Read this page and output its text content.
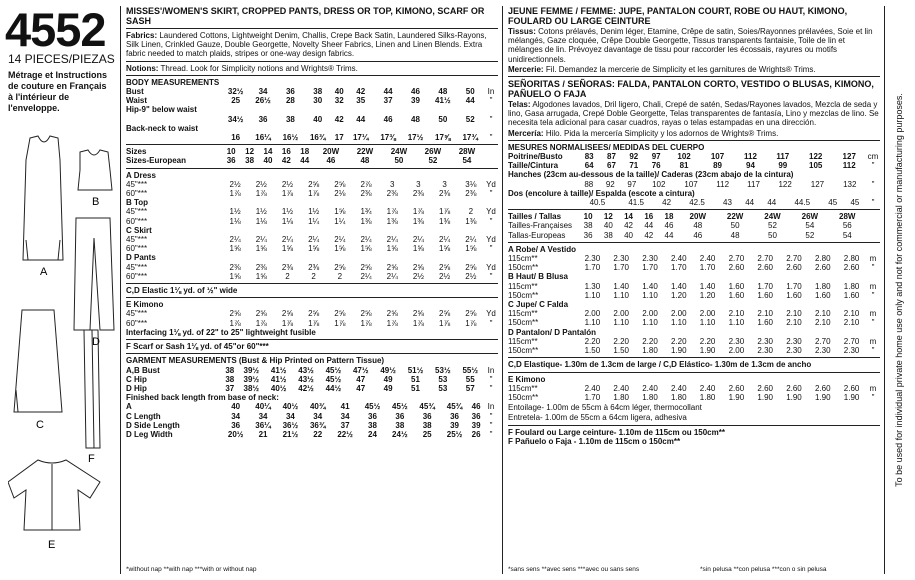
4552
14 PIECES/PIEZAS
Métrage et Instructions de couture en Français à l'intérieur de l'enveloppe.
A
B
D
C
F
E
MISSES'/WOMEN'S SKIRT, CROPPED PANTS, DRESS OR TOP, KIMONO, SCARF OR SASH
Fabrics: Laundered Cottons, Lightweight Denim, Challis, Crepe Back Satin, Laundered Silks-Rayons, Silk Linen, Crinkled Gauze, Double Georgette, Novelty Sheer Fabrics, Linen and Linen Blends. Extra fabric needed to match plaids, stripes or one-way design fabrics.
Notions: Thread. Look for Simplicity notions and Wrights® Trims.
BODY MEASUREMENTS
Bust	32½	34	36	38	40	42	44	46	48	50	In
Waist	25	26½	28	30	32	35	37	39	41½	44	"
Hip-9" below waist											
	34½	36	38	40	42	44	46	48	50	52	"
Back-neck to waist											
	16	16¼	16½	16¾	17	17¼	17⅜	17½	17⅝	17¾	"
Sizes	10	12	14	16	18	20W	22W	24W	26W	28W	
Sizes-European	36	38	40	42	44	46	48	50	52	54	
A Dress											
45"***	2½	2½	2½	2⅝	2⅝	2⅞	3	3	3	3⅛	Yd
60"***	1⅞	1⅞	1⅞	1⅞	2⅛	2⅜	2⅜	2⅜	2⅜	2⅜	"
B Top											
45"***	1½	1½	1½	1½	1⅝	1¾	1⅞	1⅞	1⅞	2	Yd
60"***	1⅛	1⅛	1⅛	1¼	1¼	1⅜	1⅜	1⅜	1⅜	1⅜	"
C Skirt											
45"***	2¼	2¼	2¼	2¼	2¼	2¼	2¼	2¼	2¼	2¼	Yd
60"***	1⅝	1⅝	1⅝	1⅝	1⅝	1⅝	1⅝	1⅝	1⅝	1⅝	"
D Pants											
45"***	2⅜	2⅜	2⅜	2⅜	2⅝	2⅝	2⅝	2⅝	2⅝	2⅝	Yd
60"***	1⅝	1⅝	2	2	2	2¼	2¼	2½	2½	2½	"
C,D Elastic 1⅛ yd. of ½" wide
E Kimono											
45"***	2⅝	2⅝	2⅝	2⅝	2⅝	2⅝	2⅝	2⅝	2⅝	2⅝	Yd
60"***	1⅞	1⅞	1⅞	1⅞	1⅞	1⅞	1⅞	1⅞	1⅞	1⅞	"
Interfacing 1⅛ yd. of 22" to 25" lightweight fusible
F Scarf or Sash 1⅛ yd. of 45"or 60"***
GARMENT MEASUREMENTS (Bust & Hip Printed on Pattern Tissue)
A,B Bust	38	39½	41½	43½	45½	47½	49½	51½	53½	55½	In
C Hip	38	39½	41½	43½	45½	47	49	51	53	55	"
D Hip	37	38½	40½	42½	44½	47	49	51	53	57	"
Finished back length from base of neck:
A	40	40¼	40½	40¾	41	45½	45½	45¾	45¾	46	In
C Length	34	34	34	34	34	36	36	36	36	36	"
D Side Length	36	36¼	36½	36¾	37	38	38	38	39	39	"
D Leg Width	20½	21	21½	22	22½	24	24½	25	25½	26	"
*without nap **with nap ***with or without nap
JEUNE FEMME / FEMME: JUPE, PANTALON COURT, ROBE OU HAUT, KIMONO, FOULARD OU LARGE CEINTURE
Tissus: Cotons prélavés, Denim léger, Etamine, Crêpe de satin, Soies/Rayonnes prélavées, Soie et lin mélangés, Gaze cloquée, Crêpe Double Georgette, Tissus transparents fantaisie, Toile de lin et mélanges de lin. Prévoyez davantage de tissu pour raccorder les écossais, rayures ou motifs unidirectionnels.
Mercerie: Fil. Demandez la mercerie de Simplicity et les garnitures de Wrights® Trims.
SEÑORITAS / SEÑORAS: FALDA, PANTALON CORTO, VESTIDO O BLUSAS, KIMONO, PAÑUELO O FAJA
Telas: Algodones lavados, Dril ligero, Chali, Crepé de satén, Sedas/Rayones lavados, Mezcla de seda y lino, Gasa arrugada, Crepé Doble Georgette, Telas transparentes de fantasía, Lino y mezclas de lino. Se necesita tela adicional para casar cuadros, rayas o telas estampadas en una dirección.
Mercería: Hilo. Pida la mercería Simplicity y los adornos de Wrights® Trims.
MESURES NORMALISEES/ MEDIDAS DEL CUERPO
Poitrine/Busto	83	87	92	97	102	107	112	117	122	127	cm
Taille/Cintura	64	67	71	76	81	89	94	99	105	112	"
Hanches (23cm au-dessous de la taille)/ Caderas (23cm abajo de la cintura)
	88	92	97	102	107	112	117	122	127	132	"
Dos (encolure à taille)/ Espalda (escote a cintura)
	40.5	41.5	42	42.5	43	44	44	44.5	45	45	"
Tailles / Tallas	10	12	14	16	18	20W	22W	24W	26W	28W	
Tailles-Françaises	38	40	42	44	46	48	50	52	54	56	
Tallas-Europeas	36	38	40	42	44	46	48	50	52	54	
A Robe/ A Vestido											
115cm**	2.30	2.30	2.30	2.40	2.40	2.70	2.70	2.70	2.80	2.80	m
150cm**	1.70	1.70	1.70	1.70	1.70	2.60	2.60	2.60	2.60	2.60	"
B Haut/ B Blusa											
115cm**	1.30	1.40	1.40	1.40	1.40	1.60	1.70	1.70	1.80	1.80	m
150cm**	1.10	1.10	1.10	1.20	1.20	1.60	1.60	1.60	1.60	1.60	"
C Jupe/ C Falda											
115cm**	2.00	2.00	2.00	2.00	2.00	2.10	2.10	2.10	2.10	2.10	m
150cm**	1.10	1.10	1.10	1.10	1.10	1.10	1.60	2.10	2.10	2.10	"
D Pantalon/ D Pantalón											
115cm**	2.20	2.20	2.20	2.20	2.20	2.30	2.30	2.30	2.70	2.70	m
150cm**	1.50	1.50	1.80	1.90	1.90	2.00	2.30	2.30	2.30	2.30	"
C,D Elastique- 1.30m de 1.3cm de large / C,D Elástico- 1.30m de 1.3cm de ancho
E Kimono											
115cm**	2.40	2.40	2.40	2.40	2.40	2.60	2.60	2.60	2.60	2.60	m
150cm**	1.70	1.80	1.80	1.80	1.80	1.90	1.90	1.90	1.90	1.90	"
Entoilage- 1.00m de 55cm à 64cm léger, thermocollant
Entretela- 1.00m de 55cm a 64cm ligera, adhesiva
F Foulard ou Large ceinture- 1.10m de 115cm ou 150cm**
F Pañuelo o Faja - 1.10m de 115cm o 150cm**
*sans sens **avec sens ***avec ou sans sens	*sin pelusa **con pelusa ***con o sin pelusa
To be used for individual private home use only and not for commercial or manufacturing purposes.
